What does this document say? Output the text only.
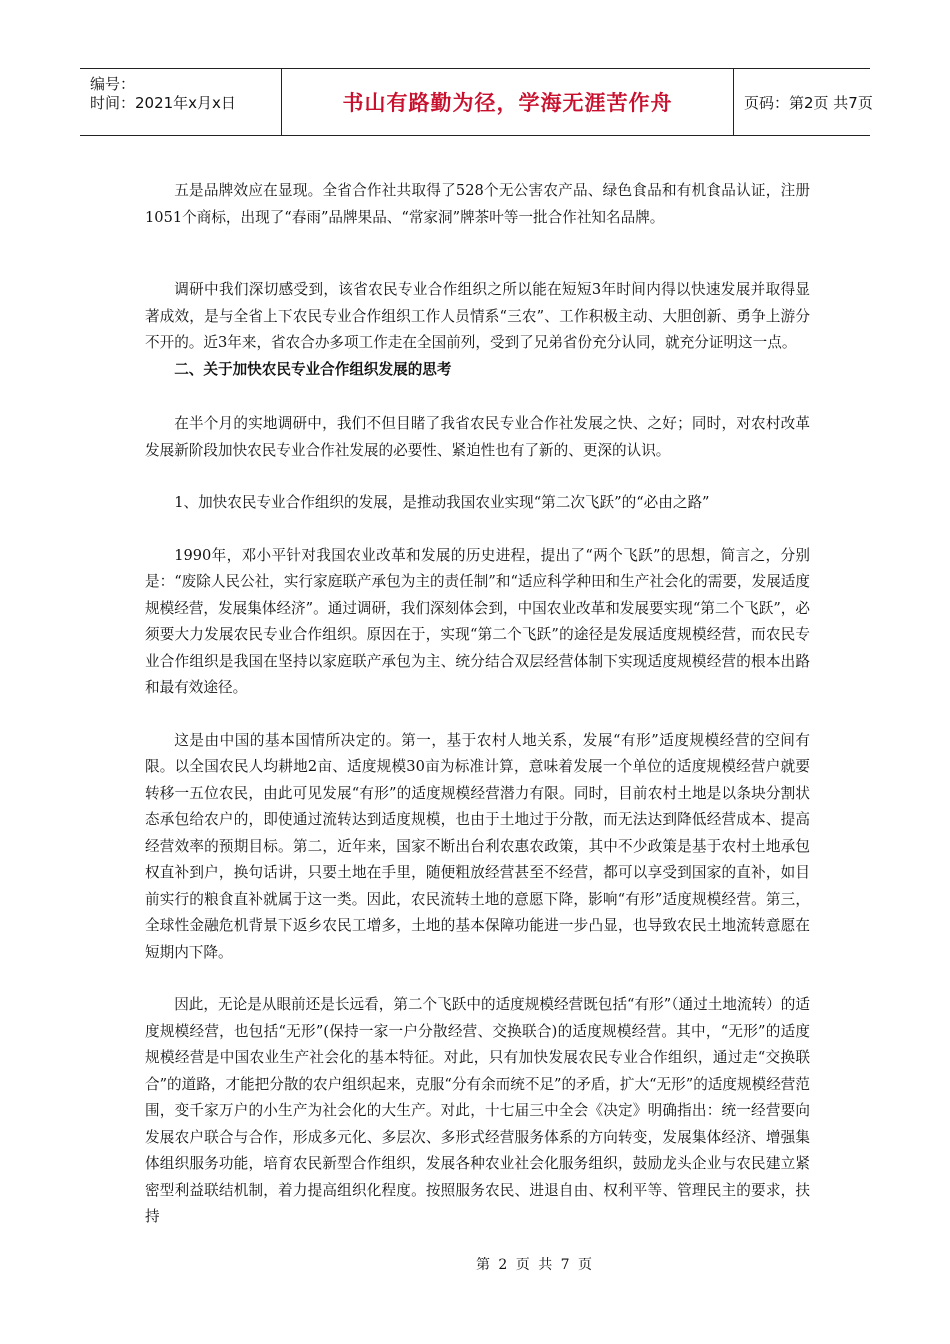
编号：
时间：2021年x月x日	书山有路勤为径，学海无涯苦作舟	页码：第2页 共7页

五是品牌效应在显现。全省合作社共取得了528个无公害农产品、绿色食品和有机食品认证，注册1051个商标，出现了“春雨”品牌果品、“常家洞”牌茶叶等一批合作社知名品牌。

调研中我们深切感受到，该省农民专业合作组织之所以能在短短3年时间内得以快速发展并取得显著成效，是与全省上下农民专业合作组织工作人员情系“三农”、工作积极主动、大胆创新、勇争上游分不开的。近3年来，省农合办多项工作走在全国前列，受到了兄弟省份充分认同，就充分证明这一点。

二、关于加快农民专业合作组织发展的思考

在半个月的实地调研中，我们不但目睹了我省农民专业合作社发展之快、之好；同时，对农村改革发展新阶段加快农民专业合作社发展的必要性、紧迫性也有了新的、更深的认识。

1、加快农民专业合作组织的发展，是推动我国农业实现“第二次飞跃”的“必由之路”

1990年，邓小平针对我国农业改革和发展的历史进程，提出了“两个飞跃”的思想，简言之，分别是：“废除人民公社，实行家庭联产承包为主的责任制”和“适应科学种田和生产社会化的需要，发展适度规模经营，发展集体经济”。通过调研，我们深刻体会到，中国农业改革和发展要实现“第二个飞跃”，必须要大力发展农民专业合作组织。原因在于，实现“第二个飞跃”的途径是发展适度规模经营，而农民专业合作组织是我国在坚持以家庭联产承包为主、统分结合双层经营体制下实现适度规模经营的根本出路和最有效途径。

这是由中国的基本国情所决定的。第一，基于农村人地关系，发展“有形”适度规模经营的空间有限。以全国农民人均耕地2亩、适度规模30亩为标准计算，意味着发展一个单位的适度规模经营户就要转移一五位农民，由此可见发展“有形”的适度规模经营潜力有限。同时，目前农村土地是以条块分割状态承包给农户的，即使通过流转达到适度规模，也由于土地过于分散，而无法达到降低经营成本、提高经营效率的预期目标。第二，近年来，国家不断出台利农惠农政策，其中不少政策是基于农村土地承包权直补到户，换句话讲，只要土地在手里，随便粗放经营甚至不经营，都可以享受到国家的直补，如目前实行的粮食直补就属于这一类。因此，农民流转土地的意愿下降，影响“有形”适度规模经营。第三，全球性金融危机背景下返乡农民工增多，土地的基本保障功能进一步凸显，也导致农民土地流转意愿在短期内下降。

因此，无论是从眼前还是长远看，第二个飞跃中的适度规模经营既包括“有形”（通过土地流转）的适度规模经营，也包括“无形”(保持一家一户分散经营、交换联合)的适度规模经营。其中，“无形”的适度规模经营是中国农业生产社会化的基本特征。对此，只有加快发展农民专业合作组织，通过走“交换联合”的道路，才能把分散的农户组织起来，克服“分有余而统不足”的矛盾，扩大“无形”的适度规模经营范围，变千家万户的小生产为社会化的大生产。对此，十七届三中全会《决定》明确指出：统一经营要向发展农户联合与合作，形成多元化、多层次、多形式经营服务体系的方向转变，发展集体经济、增强集体组织服务功能，培育农民新型合作组织，发展各种农业社会化服务组织，鼓励龙头企业与农民建立紧密型利益联结机制，着力提高组织化程度。按照服务农民、进退自由、权利平等、管理民主的要求，扶持

第 2 页 共 7 页
